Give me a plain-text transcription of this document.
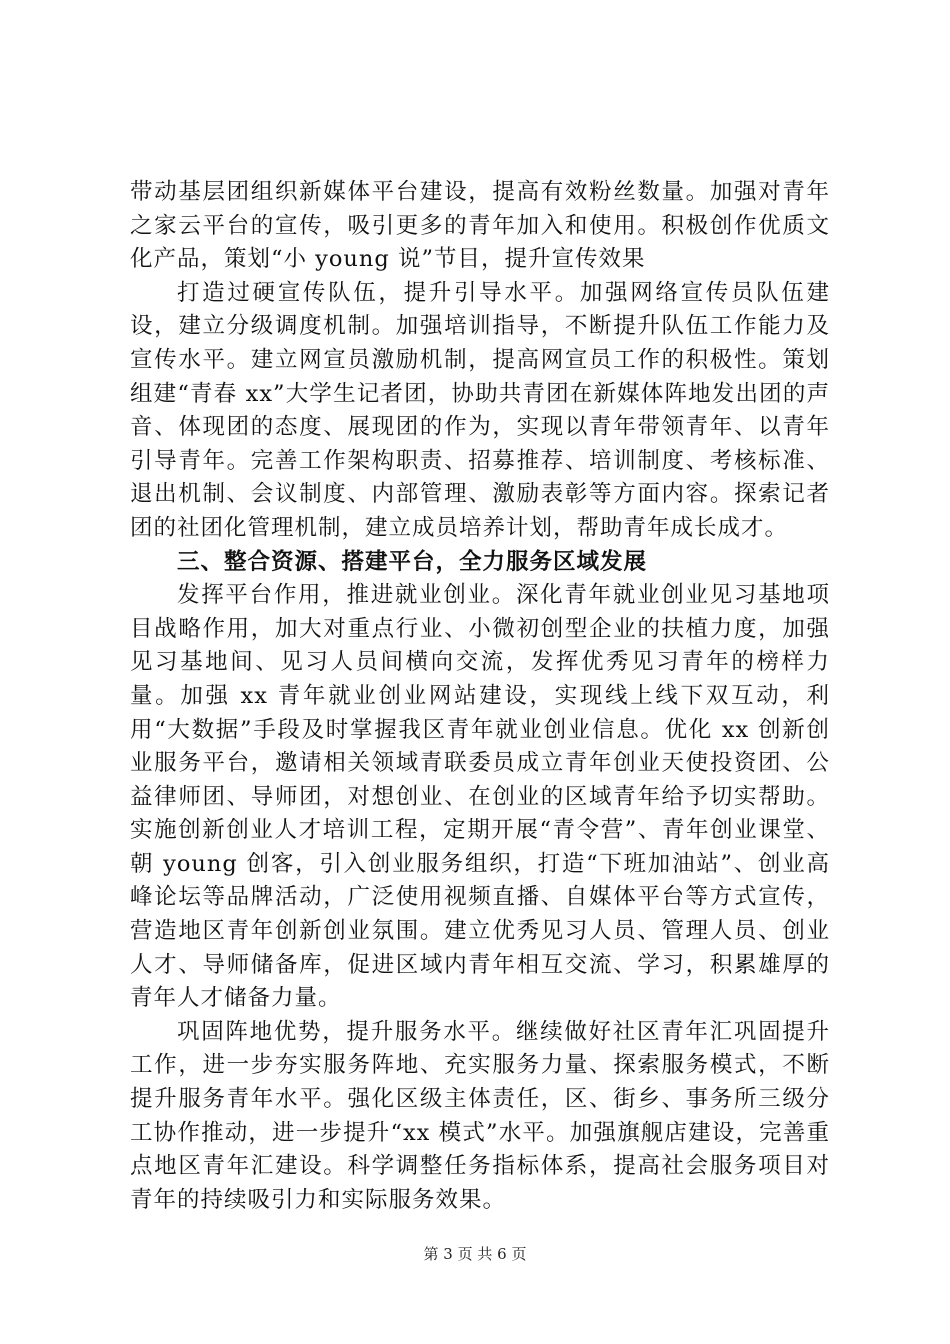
带动基层团组织新媒体平台建设，提高有效粉丝数量。加强对青年之家云平台的宣传，吸引更多的青年加入和使用。积极创作优质文化产品，策划“小 young 说”节目，提升宣传效果

打造过硬宣传队伍，提升引导水平。加强网络宣传员队伍建设，建立分级调度机制。加强培训指导，不断提升队伍工作能力及宣传水平。建立网宣员激励机制，提高网宣员工作的积极性。策划组建“青春 xx”大学生记者团，协助共青团在新媒体阵地发出团的声音、体现团的态度、展现团的作为，实现以青年带领青年、以青年引导青年。完善工作架构职责、招募推荐、培训制度、考核标准、退出机制、会议制度、内部管理、激励表彰等方面内容。探索记者团的社团化管理机制，建立成员培养计划，帮助青年成长成才。

三、整合资源、搭建平台，全力服务区域发展

发挥平台作用，推进就业创业。深化青年就业创业见习基地项目战略作用，加大对重点行业、小微初创型企业的扶植力度，加强见习基地间、见习人员间横向交流，发挥优秀见习青年的榜样力量。加强 xx 青年就业创业网站建设，实现线上线下双互动，利用“大数据”手段及时掌握我区青年就业创业信息。优化 xx 创新创业服务平台，邀请相关领域青联委员成立青年创业天使投资团、公益律师团、导师团，对想创业、在创业的区域青年给予切实帮助。实施创新创业人才培训工程，定期开展“青令营”、青年创业课堂、朝 young 创客，引入创业服务组织，打造“下班加油站”、创业高峰论坛等品牌活动，广泛使用视频直播、自媒体平台等方式宣传，营造地区青年创新创业氛围。建立优秀见习人员、管理人员、创业人才、导师储备库，促进区域内青年相互交流、学习，积累雄厚的青年人才储备力量。

巩固阵地优势，提升服务水平。继续做好社区青年汇巩固提升工作，进一步夯实服务阵地、充实服务力量、探索服务模式，不断提升服务青年水平。强化区级主体责任，区、街乡、事务所三级分工协作推动，进一步提升“xx 模式”水平。加强旗舰店建设，完善重点地区青年汇建设。科学调整任务指标体系，提高社会服务项目对青年的持续吸引力和实际服务效果。

第 3 页 共 6 页
